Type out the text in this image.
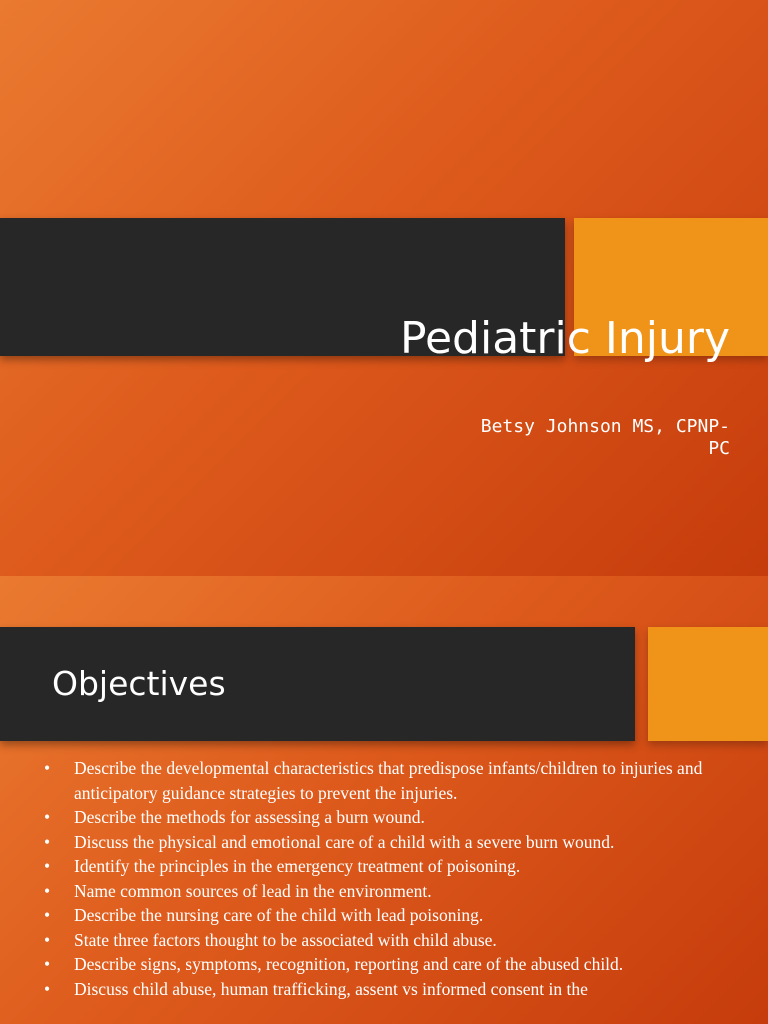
Pediatric Injury

Betsy Johnson MS, CPNP-PC

Objectives
• Describe the developmental characteristics that predispose infants/children to injuries and anticipatory guidance strategies to prevent the injuries.
• Describe the methods for assessing a burn wound.
• Discuss the physical and emotional care of a child with a severe burn wound.
• Identify the principles in the emergency treatment of poisoning.
• Name common sources of lead in the environment.
• Describe the nursing care of the child with lead poisoning.
• State three factors thought to be associated with child abuse.
• Describe signs, symptoms, recognition, reporting and care of the abused child.
• Discuss child abuse, human trafficking, assent vs informed consent in the
